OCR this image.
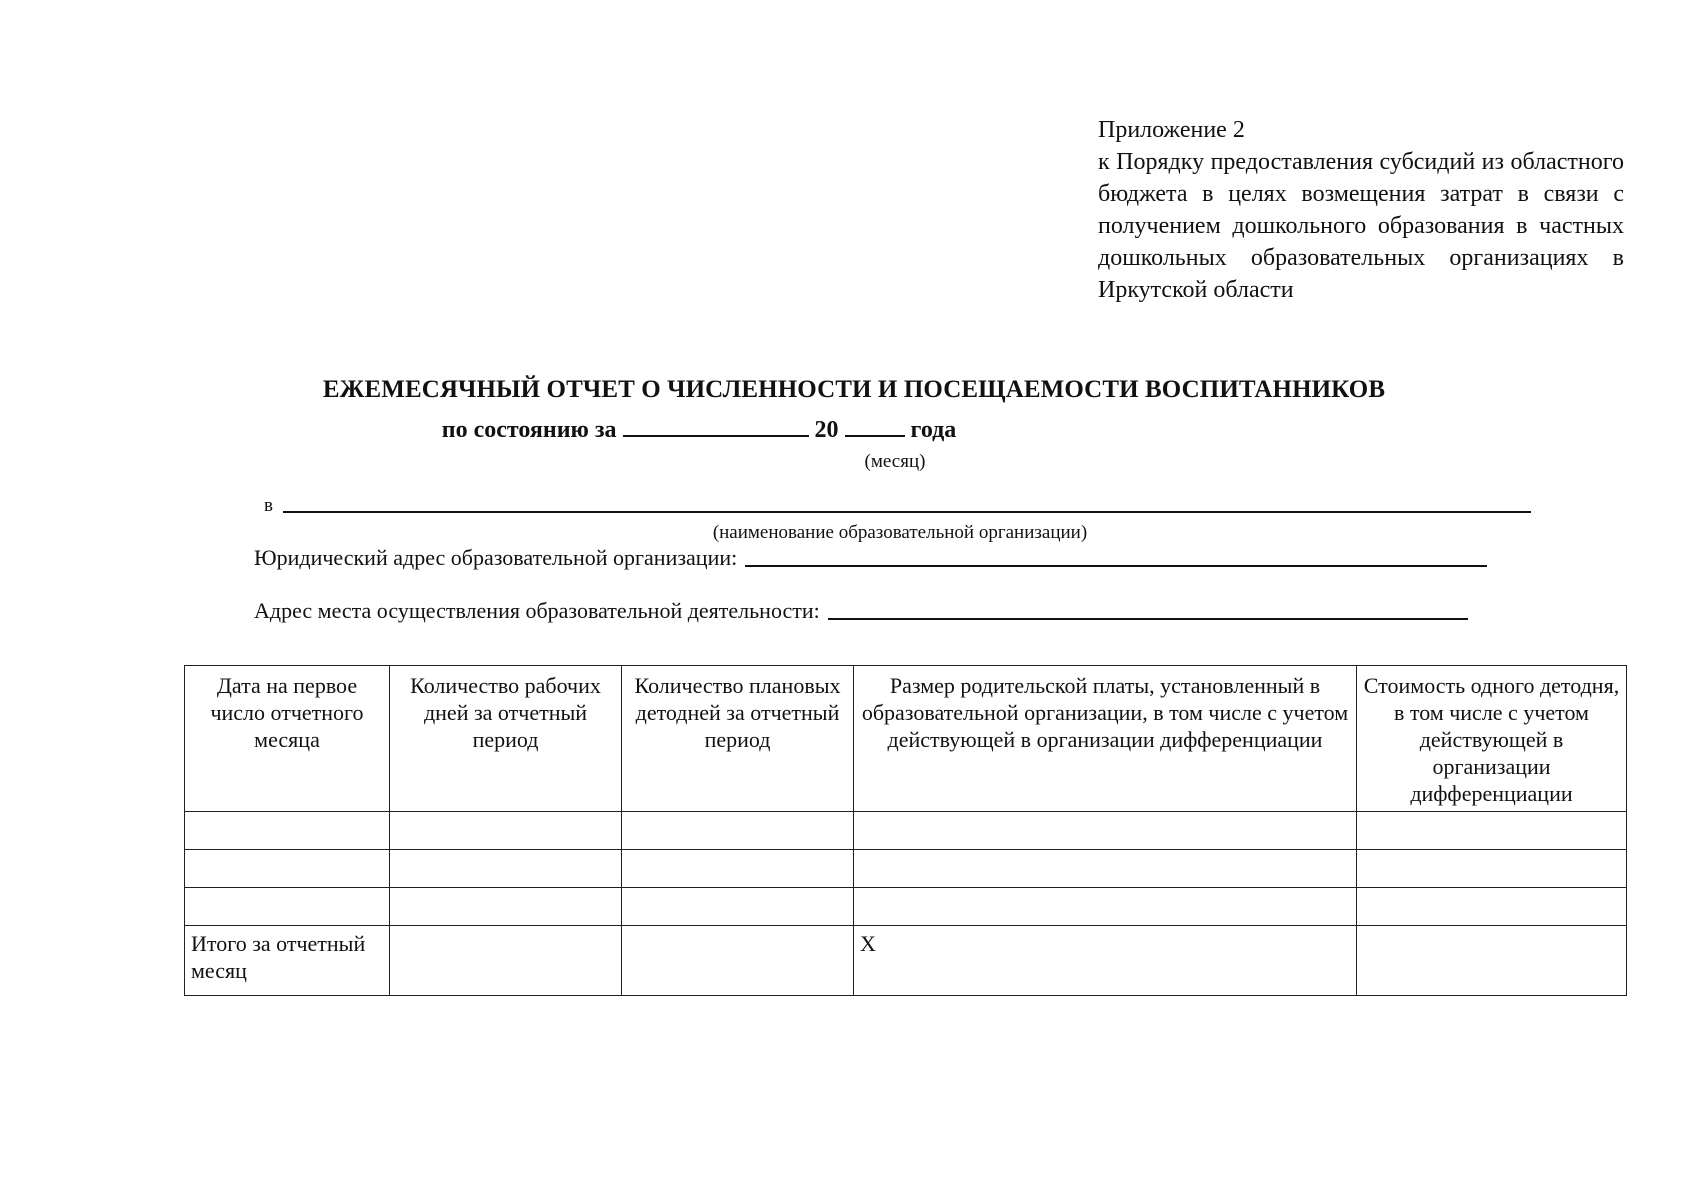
Приложение 2
к Порядку предоставления субсидий из областного бюджета в целях возмещения затрат в связи с получением дошкольного образования в частных дошкольных образовательных организациях в Иркутской области
ЕЖЕМЕСЯЧНЫЙ ОТЧЕТ О ЧИСЛЕННОСТИ И ПОСЕЩАЕМОСТИ ВОСПИТАННИКОВ
по состоянию за	20	года
(месяц)
в
(наименование образовательной организации)
Юридический адрес образовательной организации:
Адрес места осуществления образовательной деятельности:
Дата на первое число отчетного месяца	Количество рабочих дней за отчетный период	Количество плановых детодней за отчетный период	Размер родительской платы, установленный в образовательной организации, в том числе с учетом действующей в организации дифференциации	Стоимость одного детодня, в том числе с учетом действующей в организации дифференциации

Итого за отчетный месяц			X	
